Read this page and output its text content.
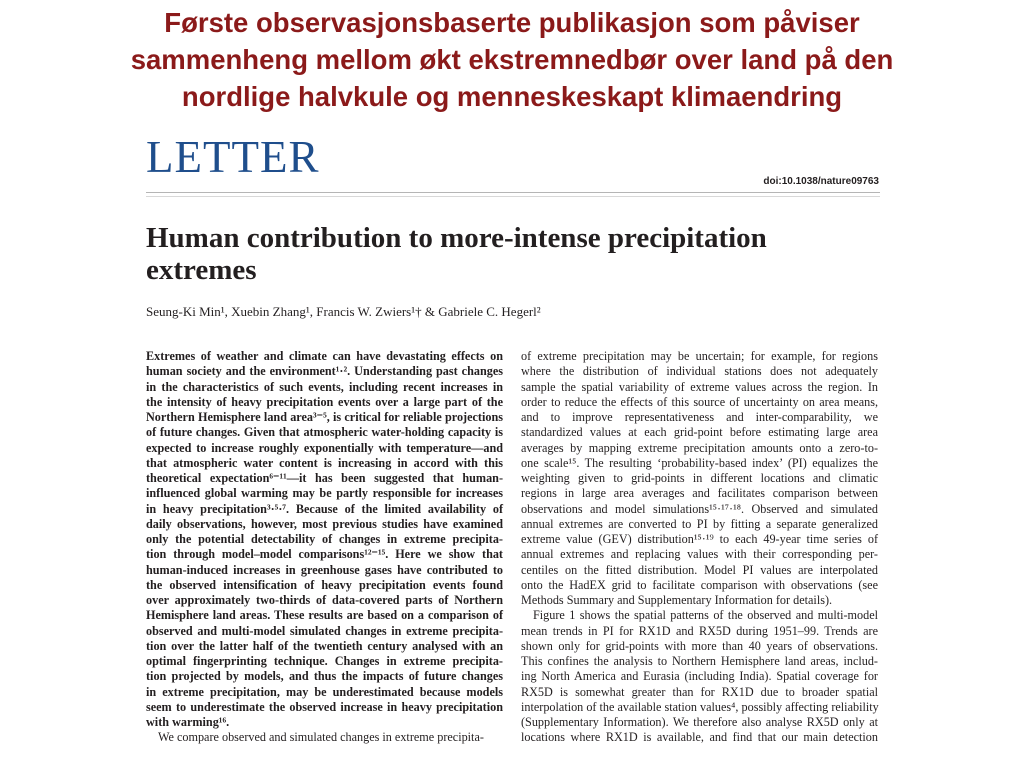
Første observasjonsbaserte publikasjon som påviser
sammenheng mellom økt ekstremnedbør over land på den
nordlige halvkule og menneskeskapt klimaendring
LETTER	doi:10.1038/nature09763
Human contribution to more-intense precipitation
extremes
Seung-Ki Min¹, Xuebin Zhang¹, Francis W. Zwiers¹† & Gabriele C. Hegerl²
Extremes of weather and climate can have devastating effects on
human society and the environment¹·². Understanding past changes
in the characteristics of such events, including recent increases in
the intensity of heavy precipitation events over a large part of the
Northern Hemisphere land area³⁻⁵, is critical for reliable projections
of future changes. Given that atmospheric water-holding capacity is
expected to increase roughly exponentially with temperature—and
that atmospheric water content is increasing in accord with this
theoretical expectation⁶⁻¹¹—it has been suggested that human-
influenced global warming may be partly responsible for increases
in heavy precipitation³·⁵·⁷. Because of the limited availability of
daily observations, however, most previous studies have examined
only the potential detectability of changes in extreme precipita-
tion through model–model comparisons¹²⁻¹⁵. Here we show that
human-induced increases in greenhouse gases have contributed to
the observed intensification of heavy precipitation events found
over approximately two-thirds of data-covered parts of Northern
Hemisphere land areas. These results are based on a comparison of
observed and multi-model simulated changes in extreme precipita-
tion over the latter half of the twentieth century analysed with an
optimal fingerprinting technique. Changes in extreme precipita-
tion projected by models, and thus the impacts of future changes
in extreme precipitation, may be underestimated because models
seem to underestimate the observed increase in heavy precipitation
with warming¹⁶.
We compare observed and simulated changes in extreme precipita-
of extreme precipitation may be uncertain; for example, for regions
where the distribution of individual stations does not adequately
sample the spatial variability of extreme values across the region. In
order to reduce the effects of this source of uncertainty on area means,
and to improve representativeness and inter-comparability, we
standardized values at each grid-point before estimating large area
averages by mapping extreme precipitation amounts onto a zero-to-
one scale¹⁵. The resulting ‘probability-based index’ (PI) equalizes the
weighting given to grid-points in different locations and climatic
regions in large area averages and facilitates comparison between
observations and model simulations¹⁵·¹⁷·¹⁸. Observed and simulated
annual extremes are converted to PI by fitting a separate generalized
extreme value (GEV) distribution¹⁵·¹⁹ to each 49-year time series of
annual extremes and replacing values with their corresponding per-
centiles on the fitted distribution. Model PI values are interpolated
onto the HadEX grid to facilitate comparison with observations (see
Methods Summary and Supplementary Information for details).
Figure 1 shows the spatial patterns of the observed and multi-model
mean trends in PI for RX1D and RX5D during 1951–99. Trends are
shown only for grid-points with more than 40 years of observations.
This confines the analysis to Northern Hemisphere land areas, includ-
ing North America and Eurasia (including India). Spatial coverage for
RX5D is somewhat greater than for RX1D due to broader spatial
interpolation of the available station values⁴, possibly affecting reliability
(Supplementary Information). We therefore also analyse RX5D only at
locations where RX1D is available, and find that our main detection
